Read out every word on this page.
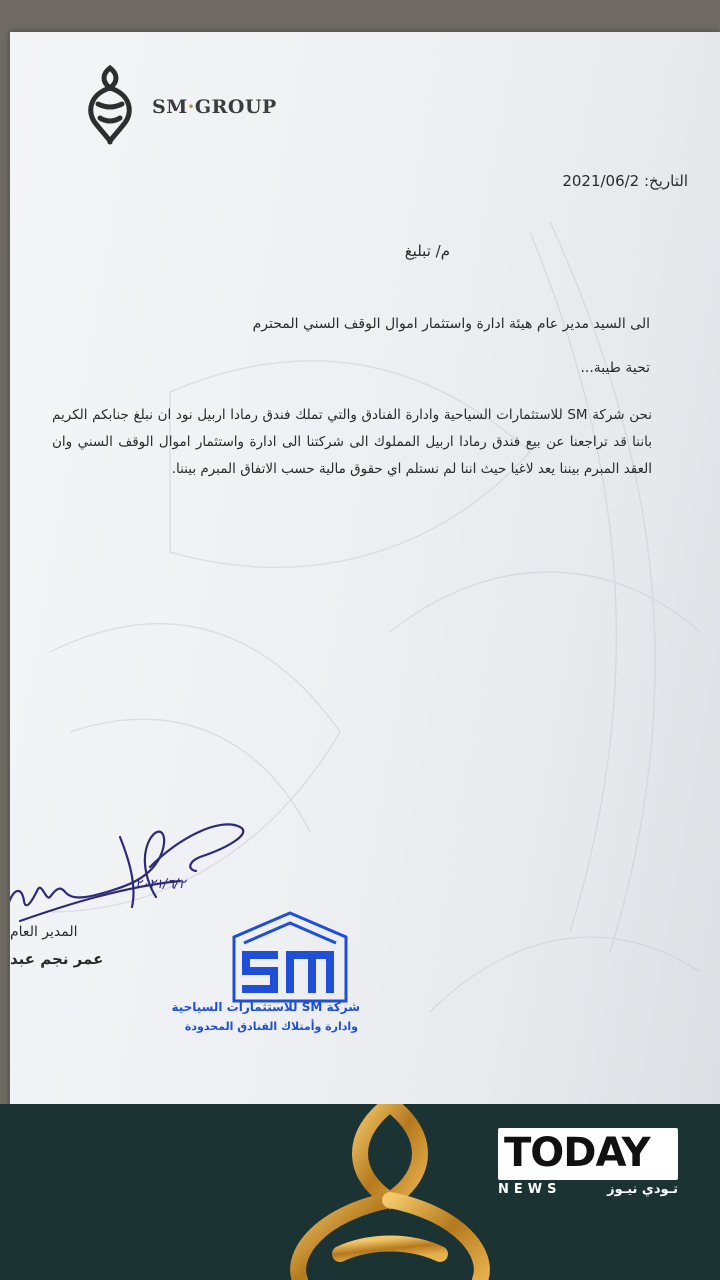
SM·GROUP
التاريخ: 2021/06/2
م/ تبليغ
الى السيد مدير عام هيئة ادارة واستثمار اموال الوقف السني المحترم
تحية طيبة...
نحن شركة SM للاستثمارات السياحية وادارة الفنادق والتي تملك فندق رمادا اربيل نود ان نبلغ جنابكم الكريم باننا قد تراجعنا عن بيع فندق رمادا اربيل المملوك الى شركتنا الى ادارة واستثمار اموال الوقف السني وان العقد المبرم بيننا يعد لاغيا حيث اننا لم نستلم اي حقوق مالية حسب الاتفاق المبرم بيننا.
٢٠٢١/٦/٢
المدير العام
عمر نجم عبد
شركة SM للاستثمارات السياحية
وادارة وأمتلاك الفنادق المحدودة
TODAY
NEWS	تـودي نيـوز
